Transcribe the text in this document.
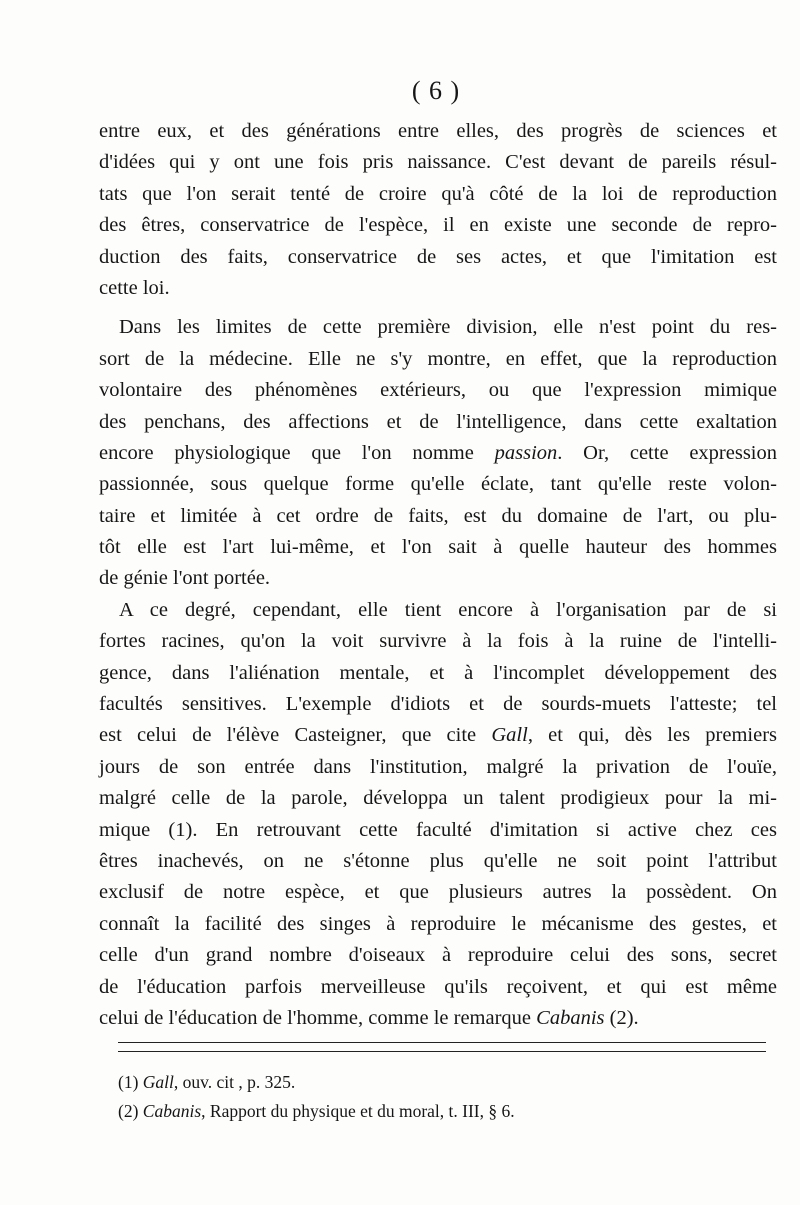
( 6 )
entre eux, et des générations entre elles, des progrès de sciences et
d'idées qui y ont une fois pris naissance. C'est devant de pareils résul-
tats que l'on serait tenté de croire qu'à côté de la loi de reproduction
des êtres, conservatrice de l'espèce, il en existe une seconde de repro-
duction des faits, conservatrice de ses actes, et que l'imitation est
cette loi.
Dans les limites de cette première division, elle n'est point du res-
sort de la médecine. Elle ne s'y montre, en effet, que la reproduction
volontaire des phénomènes extérieurs, ou que l'expression mimique
des penchans, des affections et de l'intelligence, dans cette exaltation
encore physiologique que l'on nomme passion. Or, cette expression
passionnée, sous quelque forme qu'elle éclate, tant qu'elle reste volon-
taire et limitée à cet ordre de faits, est du domaine de l'art, ou plu-
tôt elle est l'art lui-même, et l'on sait à quelle hauteur des hommes
de génie l'ont portée.
A ce degré, cependant, elle tient encore à l'organisation par de si
fortes racines, qu'on la voit survivre à la fois à la ruine de l'intelli-
gence, dans l'aliénation mentale, et à l'incomplet développement des
facultés sensitives. L'exemple d'idiots et de sourds-muets l'atteste; tel
est celui de l'élève Casteigner, que cite Gall, et qui, dès les premiers
jours de son entrée dans l'institution, malgré la privation de l'ouïe,
malgré celle de la parole, développa un talent prodigieux pour la mi-
mique (1). En retrouvant cette faculté d'imitation si active chez ces
êtres inachevés, on ne s'étonne plus qu'elle ne soit point l'attribut
exclusif de notre espèce, et que plusieurs autres la possèdent. On
connaît la facilité des singes à reproduire le mécanisme des gestes, et
celle d'un grand nombre d'oiseaux à reproduire celui des sons, secret
de l'éducation parfois merveilleuse qu'ils reçoivent, et qui est même
celui de l'éducation de l'homme, comme le remarque Cabanis (2).
(1) Gall, ouv. cit , p. 325.
(2) Cabanis, Rapport du physique et du moral, t. III, § 6.
